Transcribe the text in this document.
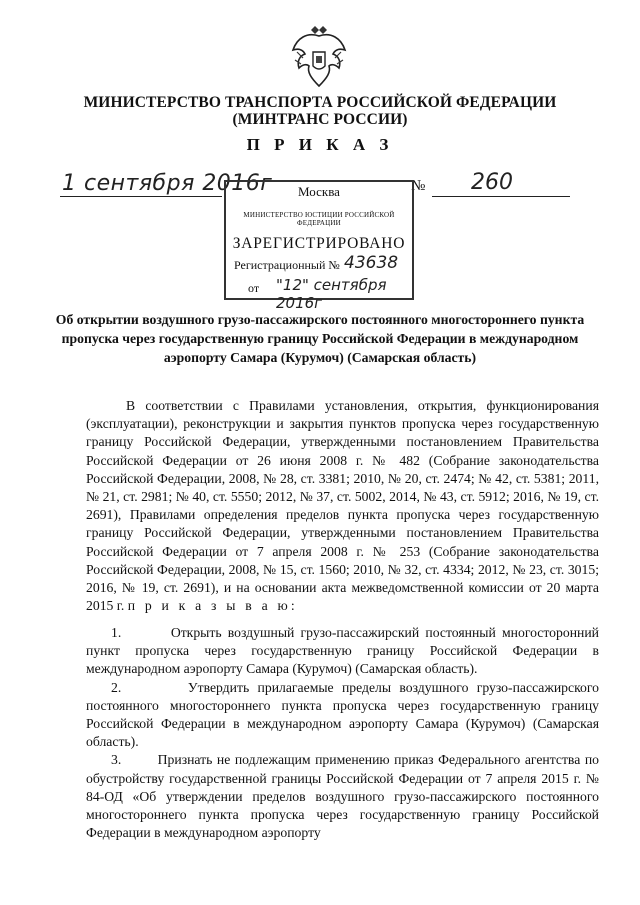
МИНИСТЕРСТВО ТРАНСПОРТА РОССИЙСКОЙ ФЕДЕРАЦИИ
(МИНТРАНС РОССИИ)
П Р И К А З
1 сентября 2016г	№ 260
Москва
МИНИСТЕРСТВО ЮСТИЦИИ РОССИЙСКОЙ ФЕДЕРАЦИИ
ЗАРЕГИСТРИРОВАНО
Регистрационный № 43638
от "12" сентября 2016г
Об открытии воздушного грузо-пассажирского постоянного многостороннего пункта пропуска через государственную границу Российской Федерации в международном аэропорту Самара (Курумоч) (Самарская область)

В соответствии с Правилами установления, открытия, функционирования (эксплуатации), реконструкции и закрытия пунктов пропуска через государственную границу Российской Федерации, утвержденными постановлением Правительства Российской Федерации от 26 июня 2008 г. № 482 (Собрание законодательства Российской Федерации, 2008, № 28, ст. 3381; 2010, № 20, ст. 2474; № 42, ст. 5381; 2011, № 21, ст. 2981; № 40, ст. 5550; 2012, № 37, ст. 5002, 2014, № 43, ст. 5912; 2016, № 19, ст. 2691), Правилами определения пределов пункта пропуска через государственную границу Российской Федерации, утвержденными постановлением Правительства Российской Федерации от 7 апреля 2008 г. № 253 (Собрание законодательства Российской Федерации, 2008, № 15, ст. 1560; 2010, № 32, ст. 4334; 2012, № 23, ст. 3015; 2016, № 19, ст. 2691), и на основании акта межведомственной комиссии от 20 марта 2015 г. п р и к а з ы в а ю:

1.	Открыть воздушный грузо-пассажирский постоянный многосторонний пункт пропуска через государственную границу Российской Федерации в международном аэропорту Самара (Курумоч) (Самарская область).

2.	Утвердить прилагаемые пределы воздушного грузо-пассажирского постоянного многостороннего пункта пропуска через государственную границу Российской Федерации в международном аэропорту Самара (Курумоч) (Самарская область).

3.	Признать не подлежащим применению приказ Федерального агентства по обустройству государственной границы Российской Федерации от 7 апреля 2015 г. № 84-ОД «Об утверждении пределов воздушного грузо-пассажирского постоянного многостороннего пункта пропуска через государственную границу Российской Федерации в международном аэропорту
